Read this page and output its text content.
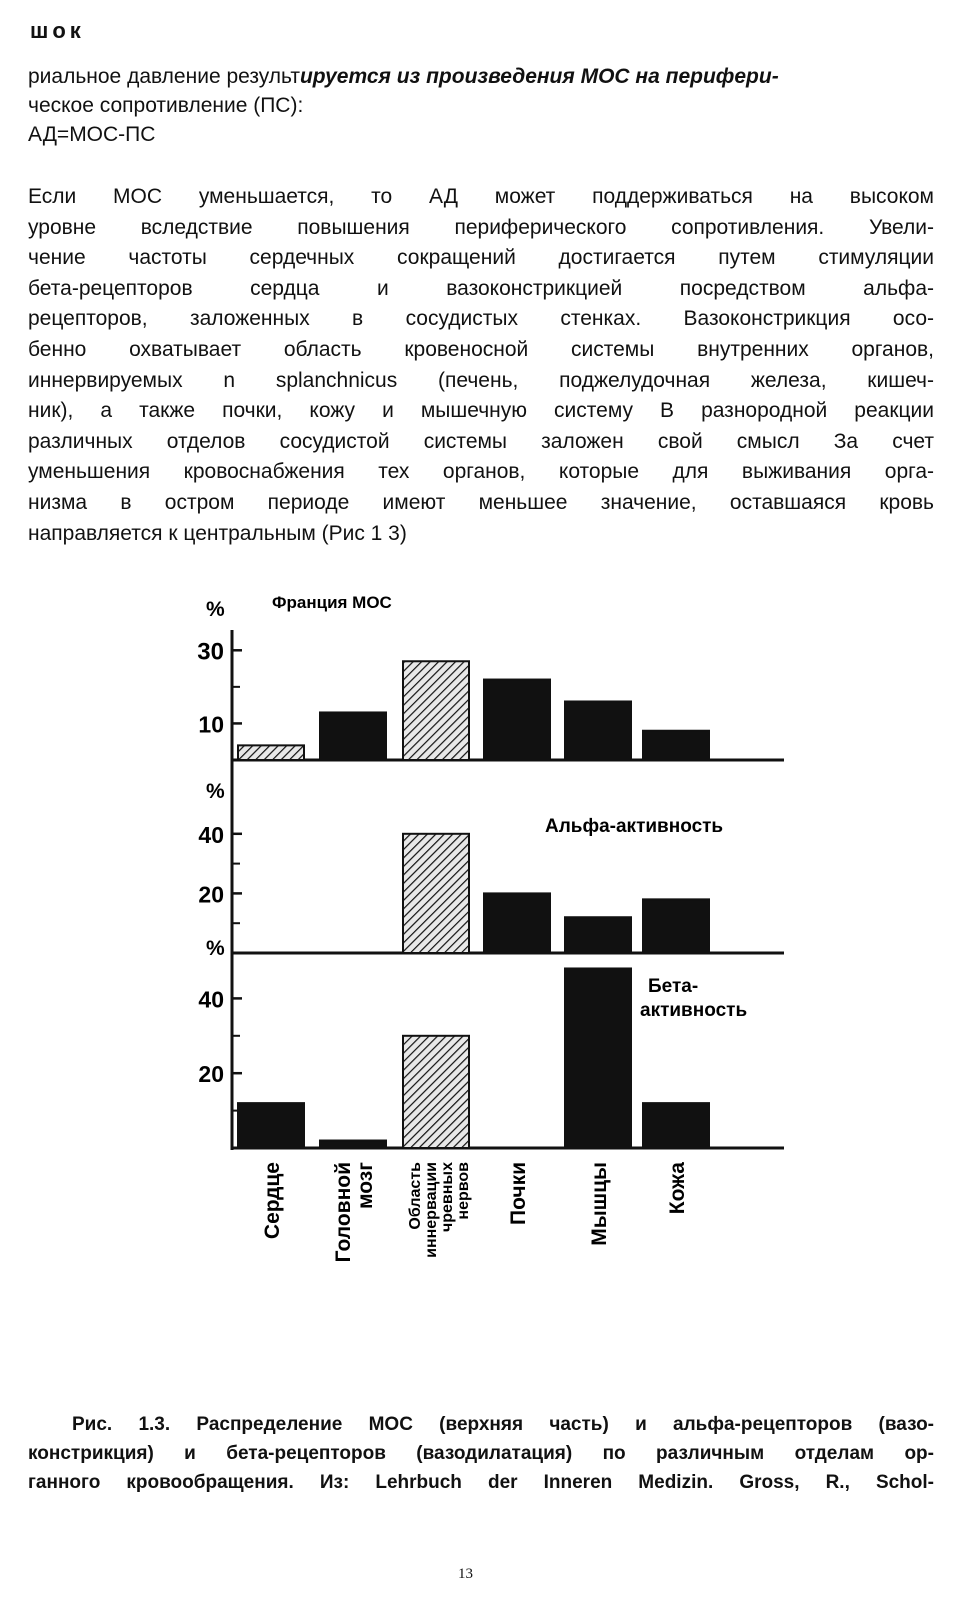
шок
риальное давление результируется из произведения МОС на перифери-
ческое сопротивление (ПС):
АД=МОС-ПС
Если МОС уменьшается, то АД может поддерживаться на высоком
уровне вследствие повышения периферического сопротивления. Увели-
чение частоты сердечных сокращений достигается путем стимуляции
бета-рецепторов сердца и вазоконстрикцией посредством альфа-
рецепторов, заложенных в сосудистых стенках. Вазоконстрикция осо-
бенно охватывает область кровеносной системы внутренних органов,
иннервируемых n splanchnicus (печень, поджелудочная железа, кишеч-
ник), а также почки, кожу и мышечную систему В разнородной реакции
различных отделов сосудистой системы заложен свой смысл За счет
уменьшения кровоснабжения тех органов, которые для выживания орга-
низма в остром периоде имеют меньшее значение, оставшаяся кровь
направляется к центральным (Рис 1 3)
30
10
%
40
20
%
40
20
%
Франция МОС
Альфа-активность
Бета-
активность
Сердце Головной мозг Область иннервации чревных нервов Почки	Мышцы	Кожа
Рис. 1.3. Распределение МОС (верхняя часть) и альфа-рецепторов (вазо-
констрикция) и бета-рецепторов (вазодилатация) по различным отделам ор-
ганного кровообращения. Из: Lehrbuch der Inneren Medizin. Gross, R., Schol-
13
